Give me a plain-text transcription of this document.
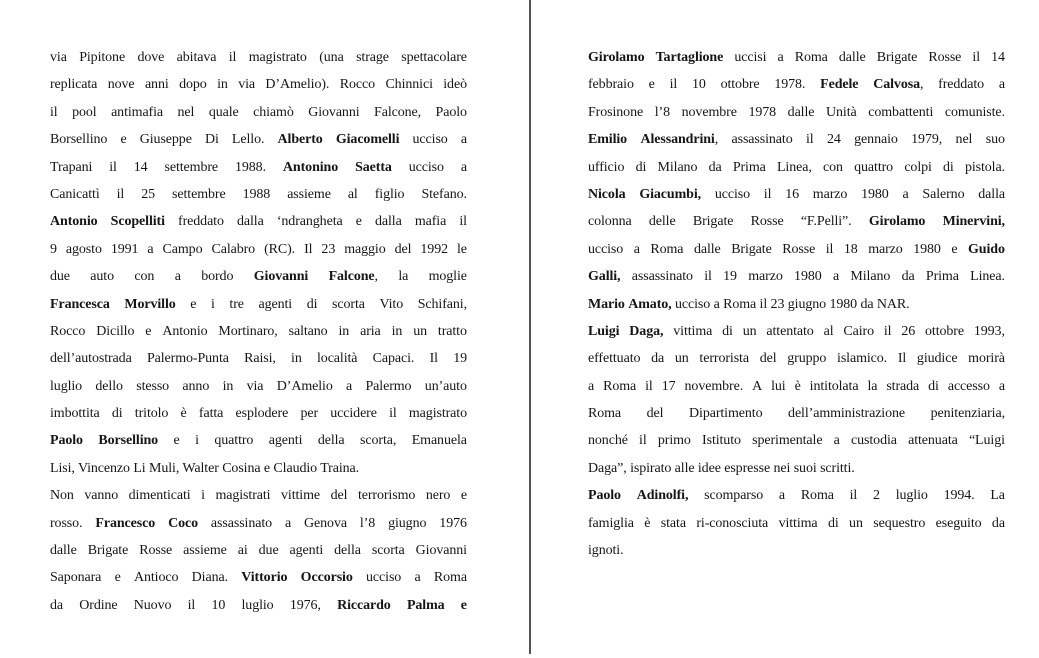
via Pipitone dove abitava il magistrato (una strage spettacolare
replicata nove anni dopo in via D’Amelio). Rocco Chinnici ideò
il pool antimafia nel quale chiamò Giovanni Falcone, Paolo
Borsellino e Giuseppe Di Lello. Alberto Giacomelli ucciso a
Trapani il 14 settembre 1988. Antonino Saetta ucciso a
Canicattì il 25 settembre 1988 assieme al figlio Stefano.
Antonio Scopelliti freddato dalla ‘ndrangheta e dalla mafia il
9 agosto 1991 a Campo Calabro (RC). Il 23 maggio del 1992 le
due auto con a bordo Giovanni Falcone, la moglie
Francesca Morvillo e i tre agenti di scorta Vito Schifani,
Rocco Dicillo e Antonio Mortinaro, saltano in aria in un tratto
dell’autostrada Palermo-Punta Raisi, in località Capaci. Il 19
luglio dello stesso anno in via D’Amelio a Palermo un’auto
imbottita di tritolo è fatta esplodere per uccidere il magistrato
Paolo Borsellino e i quattro agenti della scorta, Emanuela
Lisi, Vincenzo Li Muli, Walter Cosina e Claudio Traina.
Non vanno dimenticati i magistrati vittime del terrorismo nero e
rosso. Francesco Coco assassinato a Genova l’8 giugno 1976
dalle Brigate Rosse assieme ai due agenti della scorta Giovanni
Saponara e Antioco Diana. Vittorio Occorsio ucciso a Roma
da Ordine Nuovo il 10 luglio 1976, Riccardo Palma e
Girolamo Tartaglione uccisi a Roma dalle Brigate Rosse il 14
febbraio e il 10 ottobre 1978. Fedele Calvosa, freddato a
Frosinone l’8 novembre 1978 dalle Unità combattenti comuniste.
Emilio Alessandrini, assassinato il 24 gennaio 1979, nel suo
ufficio di Milano da Prima Linea, con quattro colpi di pistola.
Nicola Giacumbi, ucciso il 16 marzo 1980 a Salerno dalla
colonna delle Brigate Rosse “F.Pelli”. Girolamo Minervini,
ucciso a Roma dalle Brigate Rosse il 18 marzo 1980 e Guido
Galli, assassinato il 19 marzo 1980 a Milano da Prima Linea.
Mario Amato, ucciso a Roma il 23 giugno 1980 da NAR.
Luigi Daga, vittima di un attentato al Cairo il 26 ottobre 1993,
effettuato da un terrorista del gruppo islamico. Il giudice morirà
a Roma il 17 novembre. A lui è intitolata la strada di accesso a
Roma del Dipartimento dell’amministrazione penitenziaria,
nonché il primo Istituto sperimentale a custodia attenuata “Luigi
Daga”, ispirato alle idee espresse nei suoi scritti.
Paolo Adinolfi, scomparso a Roma il 2 luglio 1994. La
famiglia è stata ri-conosciuta vittima di un sequestro eseguito da
ignoti.
